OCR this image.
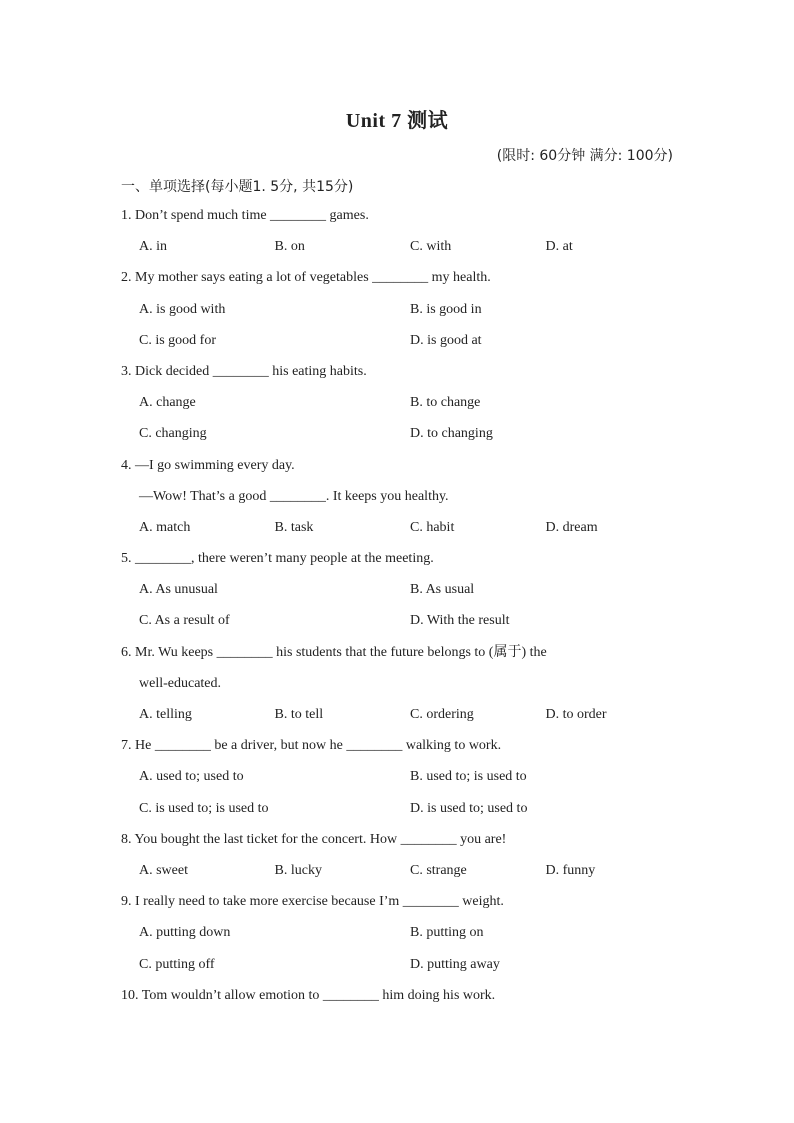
Unit 7 测试
(限时: 60分钟 满分: 100分)
一、单项选择(每小题1. 5分, 共15分)
1. Don’t spend much time ________ games.
A. in	B. on	C. with	D. at
2. My mother says eating a lot of vegetables ________ my health.
A. is good with	B. is good in
C. is good for	D. is good at
3. Dick decided ________ his eating habits.
A. change	B. to change
C. changing	D. to changing
4. —I go swimming every day.
—Wow! That’s a good ________. It keeps you healthy.
A. match	B. task	C. habit	D. dream
5. ________, there weren’t many people at the meeting.
A. As unusual	B. As usual
C. As a result of	D. With the result
6. Mr. Wu keeps ________ his students that the future belongs to (属于) the
well-educated.
A. telling	B. to tell	C. ordering	D. to order
7. He ________ be a driver, but now he ________ walking to work.
A. used to; used to	B. used to; is used to
C. is used to; is used to	D. is used to; used to
8. You bought the last ticket for the concert. How ________ you are!
A. sweet	B. lucky	C. strange	D. funny
9. I really need to take more exercise because I’m ________ weight.
A. putting down	B. putting on
C. putting off	D. putting away
10. Tom wouldn’t allow emotion to ________ him doing his work.
